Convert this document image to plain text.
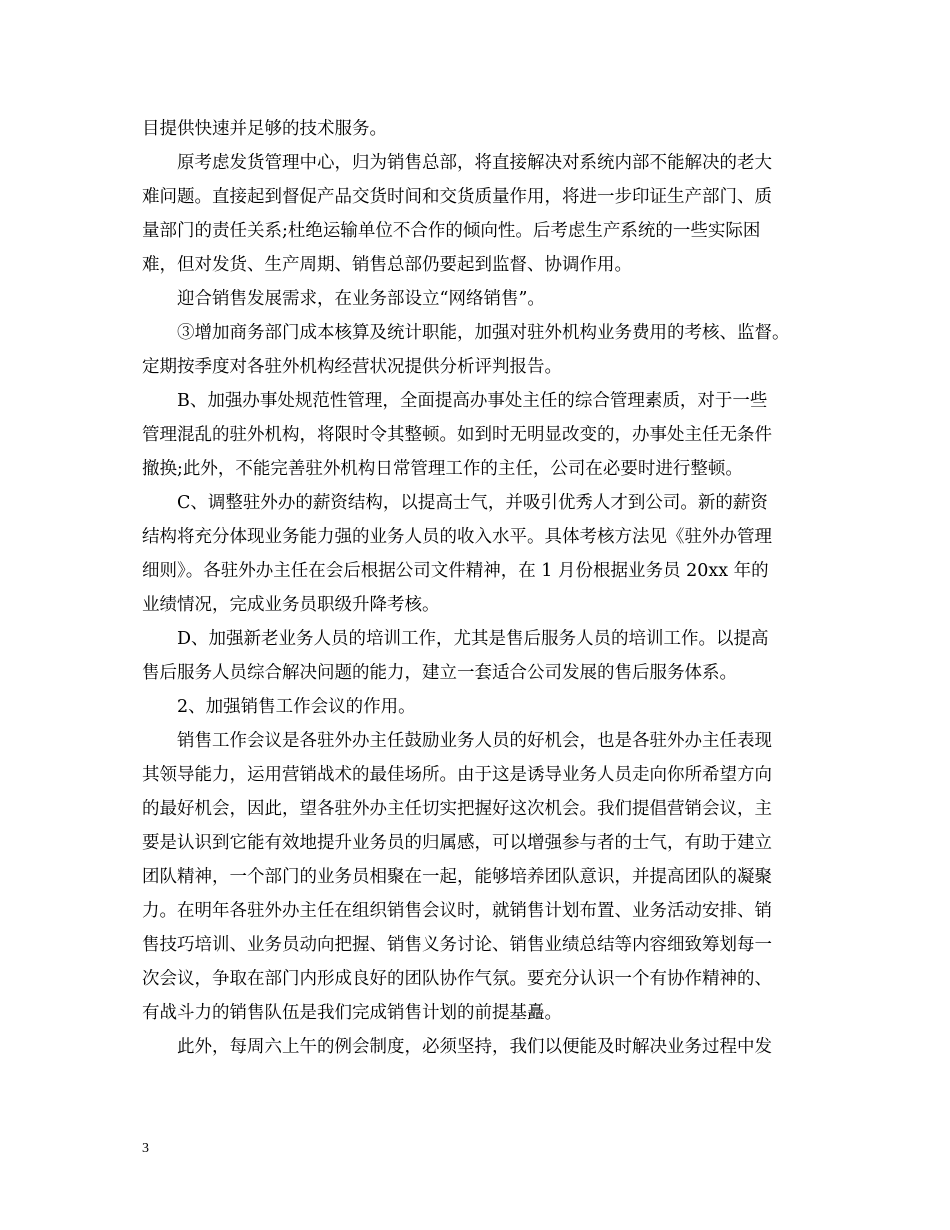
目提供快速并足够的技术服务。
原考虑发货管理中心，归为销售总部，将直接解决对系统内部不能解决的老大
难问题。直接起到督促产品交货时间和交货质量作用，将进一步印证生产部门、质
量部门的责任关系;杜绝运输单位不合作的倾向性。后考虑生产系统的一些实际困
难，但对发货、生产周期、销售总部仍要起到监督、协调作用。
迎合销售发展需求，在业务部设立“网络销售”。
③增加商务部门成本核算及统计职能，加强对驻外机构业务费用的考核、监督。
定期按季度对各驻外机构经营状况提供分析评判报告。
B、加强办事处规范性管理，全面提高办事处主任的综合管理素质，对于一些
管理混乱的驻外机构，将限时令其整顿。如到时无明显改变的，办事处主任无条件
撤换;此外，不能完善驻外机构日常管理工作的主任，公司在必要时进行整顿。
C、调整驻外办的薪资结构，以提高士气，并吸引优秀人才到公司。新的薪资
结构将充分体现业务能力强的业务人员的收入水平。具体考核方法见《驻外办管理
细则》。各驻外办主任在会后根据公司文件精神，在 1 月份根据业务员 20xx 年的
业绩情况，完成业务员职级升降考核。
D、加强新老业务人员的培训工作，尤其是售后服务人员的培训工作。以提高
售后服务人员综合解决问题的能力，建立一套适合公司发展的售后服务体系。
2、加强销售工作会议的作用。
销售工作会议是各驻外办主任鼓励业务人员的好机会，也是各驻外办主任表现
其领导能力，运用营销战术的最佳场所。由于这是诱导业务人员走向你所希望方向
的最好机会，因此，望各驻外办主任切实把握好这次机会。我们提倡营销会议，主
要是认识到它能有效地提升业务员的归属感，可以增强参与者的士气，有助于建立
团队精神，一个部门的业务员相聚在一起，能够培养团队意识，并提高团队的凝聚
力。在明年各驻外办主任在组织销售会议时，就销售计划布置、业务活动安排、销
售技巧培训、业务员动向把握、销售义务讨论、销售业绩总结等内容细致筹划每一
次会议，争取在部门内形成良好的团队协作气氛。要充分认识一个有协作精神的、
有战斗力的销售队伍是我们完成销售计划的前提基矗。
此外，每周六上午的例会制度，必须坚持，我们以便能及时解决业务过程中发
3
